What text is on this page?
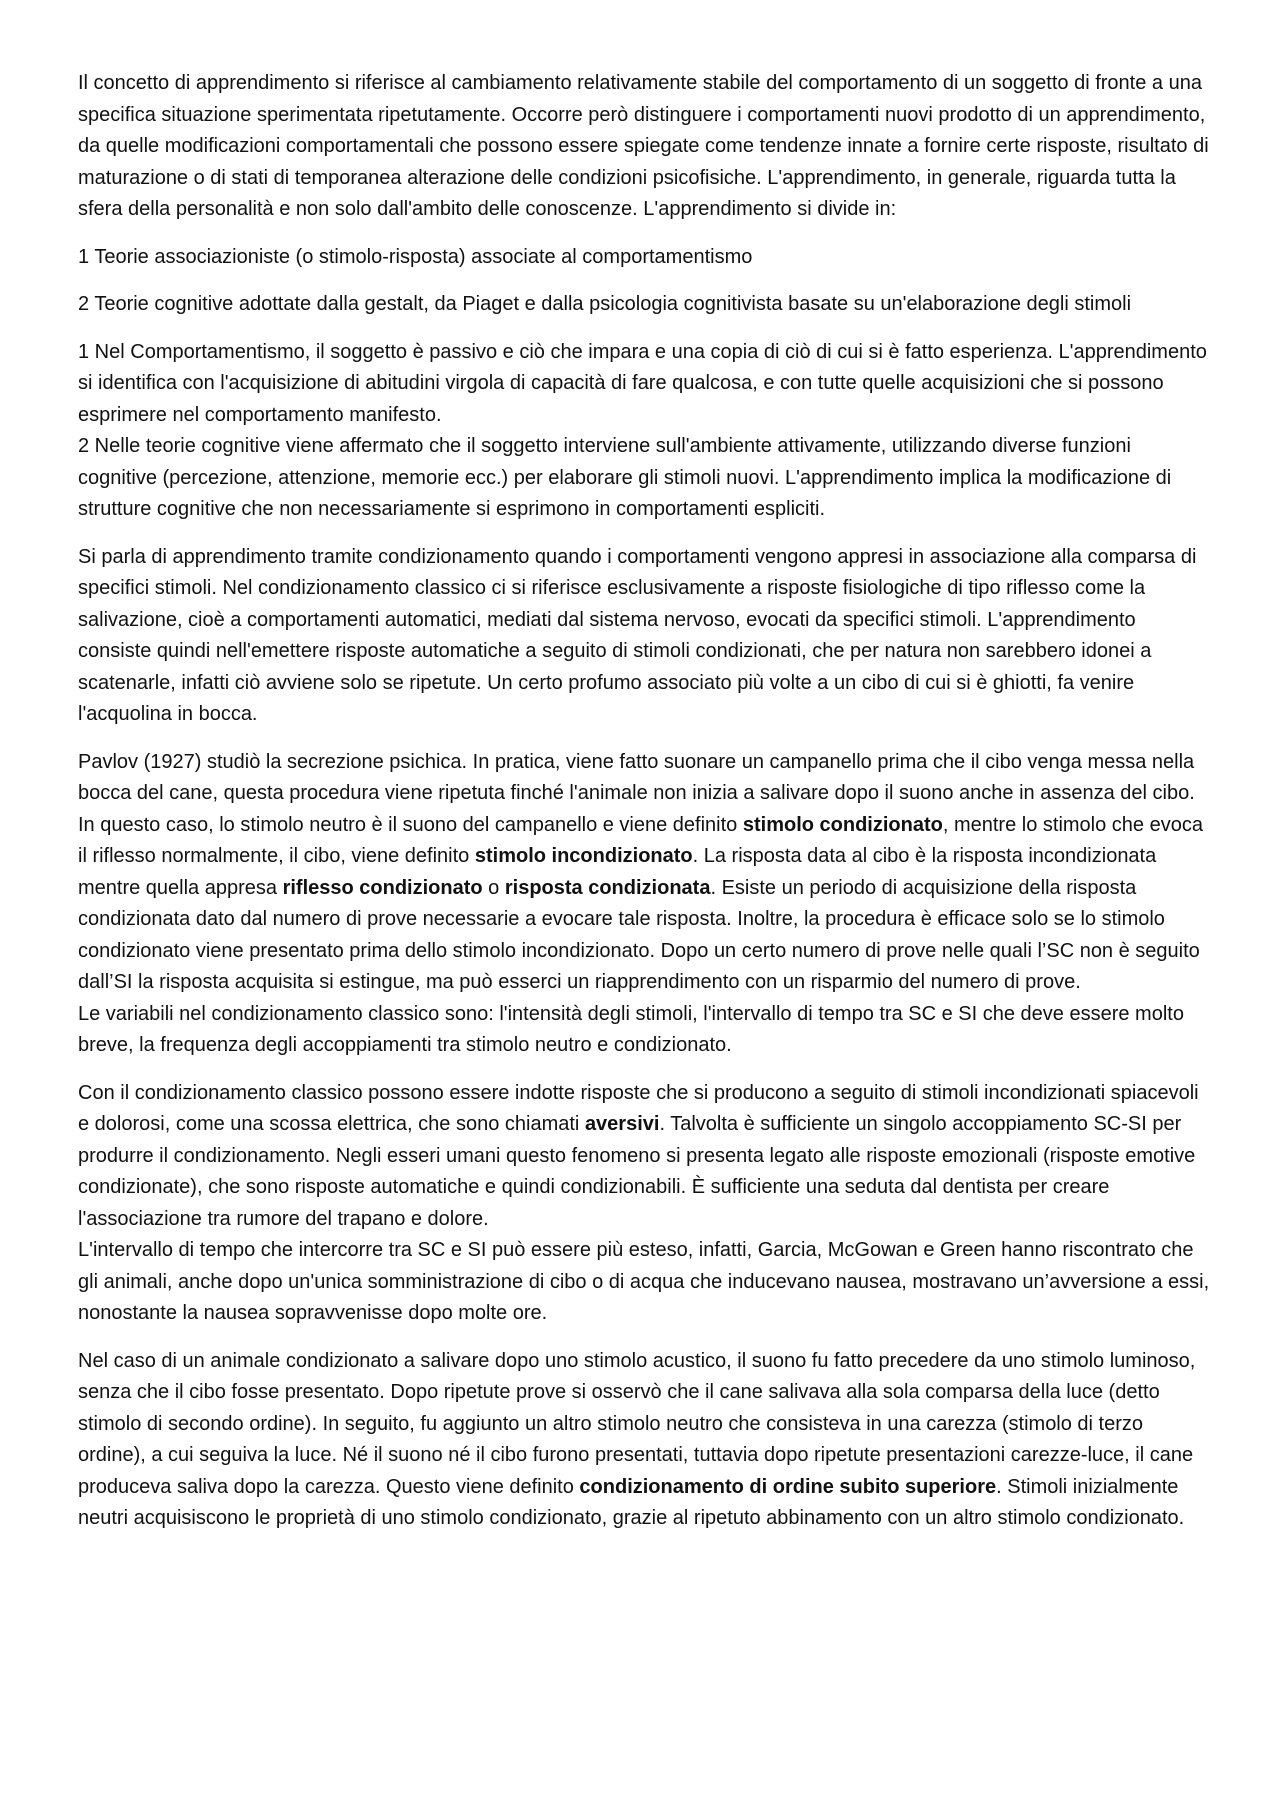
Il concetto di apprendimento si riferisce al cambiamento relativamente stabile del comportamento di un soggetto di fronte a una specifica situazione sperimentata ripetutamente. Occorre però distinguere i comportamenti nuovi prodotto di un apprendimento, da quelle modificazioni comportamentali che possono essere spiegate come tendenze innate a fornire certe risposte, risultato di maturazione o di stati di temporanea alterazione delle condizioni psicofisiche. L'apprendimento, in generale, riguarda tutta la sfera della personalità e non solo dall'ambito delle conoscenze. L'apprendimento si divide in:

1 Teorie associazioniste (o stimolo-risposta) associate al comportamentismo

2 Teorie cognitive adottate dalla gestalt, da Piaget e dalla psicologia cognitivista basate su un'elaborazione degli stimoli

1 Nel Comportamentismo, il soggetto è passivo e ciò che impara e una copia di ciò di cui si è fatto esperienza. L'apprendimento si identifica con l'acquisizione di abitudini virgola di capacità di fare qualcosa, e con tutte quelle acquisizioni che si possono esprimere nel comportamento manifesto.

2 Nelle teorie cognitive viene affermato che il soggetto interviene sull'ambiente attivamente, utilizzando diverse funzioni cognitive (percezione, attenzione, memorie ecc.) per elaborare gli stimoli nuovi. L'apprendimento implica la modificazione di strutture cognitive che non necessariamente si esprimono in comportamenti espliciti.

Si parla di apprendimento tramite condizionamento quando i comportamenti vengono appresi in associazione alla comparsa di specifici stimoli. Nel condizionamento classico ci si riferisce esclusivamente a risposte fisiologiche di tipo riflesso come la salivazione, cioè a comportamenti automatici, mediati dal sistema nervoso, evocati da specifici stimoli. L'apprendimento consiste quindi nell'emettere risposte automatiche a seguito di stimoli condizionati, che per natura non sarebbero idonei a scatenarle, infatti ciò avviene solo se ripetute. Un certo profumo associato più volte a un cibo di cui si è ghiotti, fa venire l'acquolina in bocca.

Pavlov (1927) studiò la secrezione psichica. In pratica, viene fatto suonare un campanello prima che il cibo venga messa nella bocca del cane, questa procedura viene ripetuta finché l'animale non inizia a salivare dopo il suono anche in assenza del cibo. In questo caso, lo stimolo neutro è il suono del campanello e viene definito stimolo condizionato, mentre lo stimolo che evoca il riflesso normalmente, il cibo, viene definito stimolo incondizionato. La risposta data al cibo è la risposta incondizionata mentre quella appresa riflesso condizionato o risposta condizionata. Esiste un periodo di acquisizione della risposta condizionata dato dal numero di prove necessarie a evocare tale risposta. Inoltre, la procedura è efficace solo se lo stimolo condizionato viene presentato prima dello stimolo incondizionato. Dopo un certo numero di prove nelle quali l’SC non è seguito dall’SI la risposta acquisita si estingue, ma può esserci un riapprendimento con un risparmio del numero di prove.

Le variabili nel condizionamento classico sono: l'intensità degli stimoli, l'intervallo di tempo tra SC e SI che deve essere molto breve, la frequenza degli accoppiamenti tra stimolo neutro e condizionato.

Con il condizionamento classico possono essere indotte risposte che si producono a seguito di stimoli incondizionati spiacevoli e dolorosi, come una scossa elettrica, che sono chiamati aversivi. Talvolta è sufficiente un singolo accoppiamento SC-SI per produrre il condizionamento. Negli esseri umani questo fenomeno si presenta legato alle risposte emozionali (risposte emotive condizionate), che sono risposte automatiche e quindi condizionabili. È sufficiente una seduta dal dentista per creare l'associazione tra rumore del trapano e dolore.

L'intervallo di tempo che intercorre tra SC e SI può essere più esteso, infatti, Garcia, McGowan e Green hanno riscontrato che gli animali, anche dopo un'unica somministrazione di cibo o di acqua che inducevano nausea, mostravano un’avversione a essi, nonostante la nausea sopravvenisse dopo molte ore.

Nel caso di un animale condizionato a salivare dopo uno stimolo acustico, il suono fu fatto precedere da uno stimolo luminoso, senza che il cibo fosse presentato. Dopo ripetute prove si osservò che il cane salivava alla sola comparsa della luce (detto stimolo di secondo ordine). In seguito, fu aggiunto un altro stimolo neutro che consisteva in una carezza (stimolo di terzo ordine), a cui seguiva la luce. Né il suono né il cibo furono presentati, tuttavia dopo ripetute presentazioni carezze-luce, il cane produceva saliva dopo la carezza. Questo viene definito condizionamento di ordine subito superiore. Stimoli inizialmente neutri acquisiscono le proprietà di uno stimolo condizionato, grazie al ripetuto abbinamento con un altro stimolo condizionato.
